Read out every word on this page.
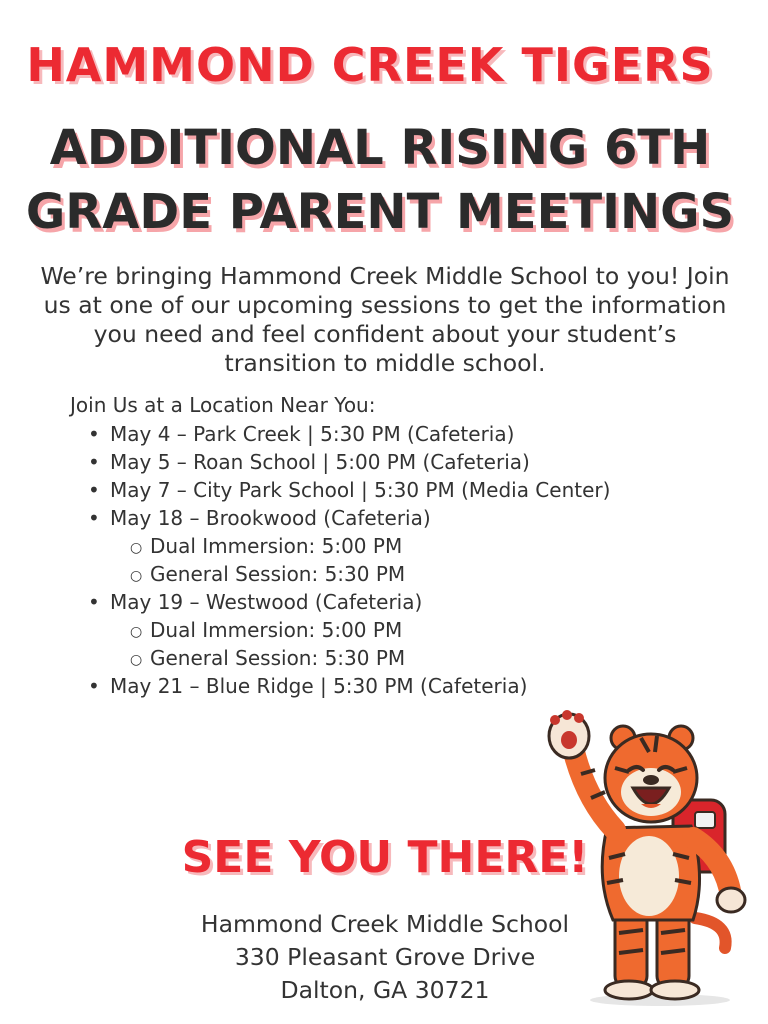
HAMMOND CREEK TIGERS
ADDITIONAL RISING 6TH
GRADE PARENT MEETINGS
We’re bringing Hammond Creek Middle School to you! Join us at one of our upcoming sessions to get the information you need and feel confident about your student’s transition to middle school.
Join Us at a Location Near You:
• May 4 – Park Creek | 5:30 PM (Cafeteria)
• May 5 – Roan School | 5:00 PM (Cafeteria)
• May 7 – City Park School | 5:30 PM (Media Center)
• May 18 – Brookwood (Cafeteria)
○ Dual Immersion: 5:00 PM
○ General Session: 5:30 PM
• May 19 – Westwood (Cafeteria)
○ Dual Immersion: 5:00 PM
○ General Session: 5:30 PM
• May 21 – Blue Ridge | 5:30 PM (Cafeteria)
SEE YOU THERE!
Hammond Creek Middle School
330 Pleasant Grove Drive
Dalton, GA 30721
